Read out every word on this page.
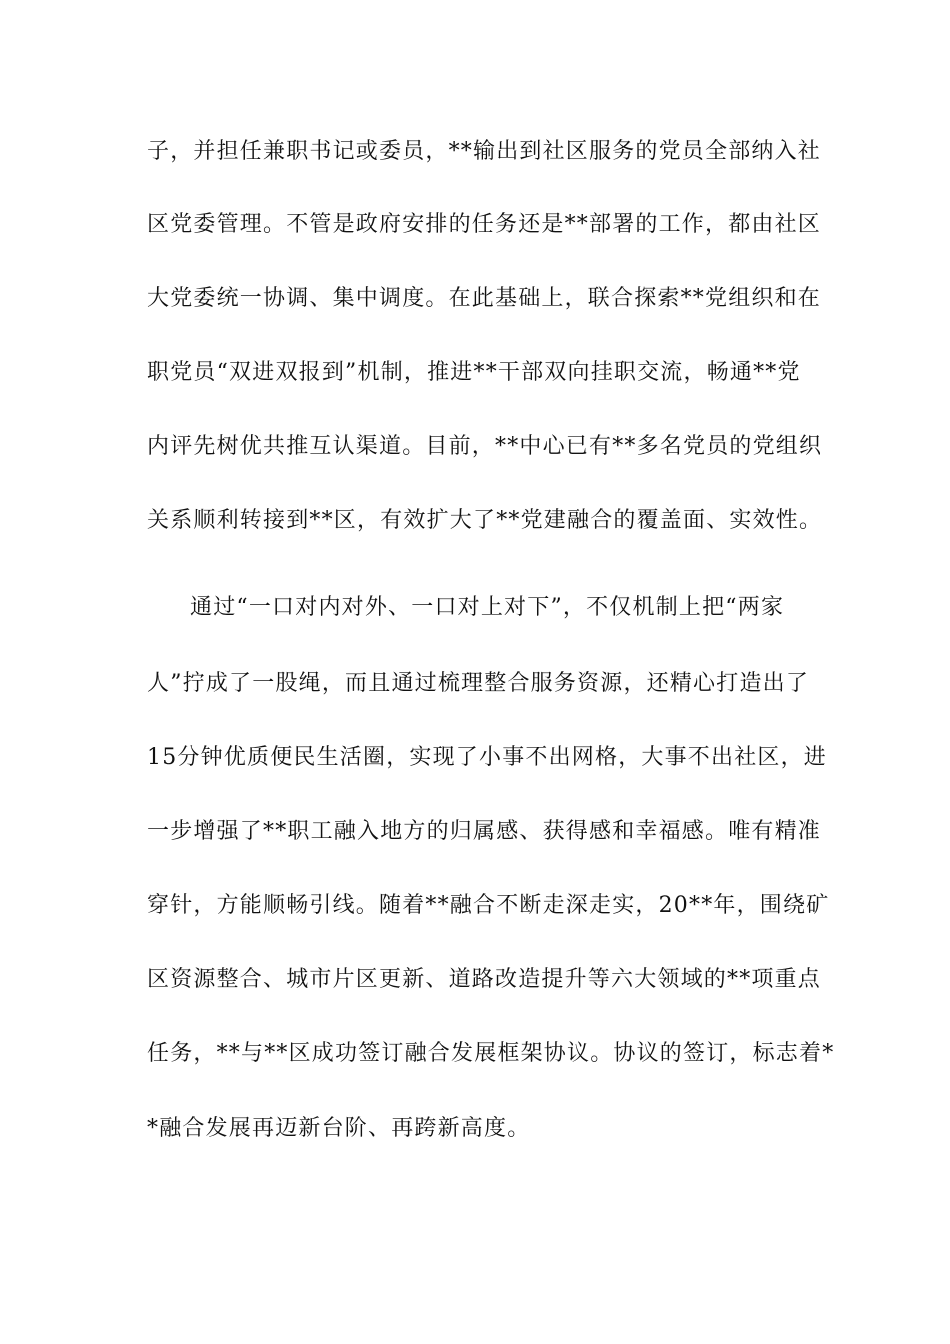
子，并担任兼职书记或委员，**输出到社区服务的党员全部纳入社
区党委管理。不管是政府安排的任务还是**部署的工作，都由社区
大党委统一协调、集中调度。在此基础上，联合探索**党组织和在
职党员“双进双报到”机制，推进**干部双向挂职交流，畅通**党
内评先树优共推互认渠道。目前，**中心已有**多名党员的党组织
关系顺利转接到**区，有效扩大了**党建融合的覆盖面、实效性。
通过“一口对内对外、一口对上对下”，不仅机制上把“两家
人”拧成了一股绳，而且通过梳理整合服务资源，还精心打造出了
15分钟优质便民生活圈，实现了小事不出网格，大事不出社区，进
一步增强了**职工融入地方的归属感、获得感和幸福感。唯有精准
穿针，方能顺畅引线。随着**融合不断走深走实，20**年，围绕矿
区资源整合、城市片区更新、道路改造提升等六大领域的**项重点
任务，**与**区成功签订融合发展框架协议。协议的签订，标志着*
*融合发展再迈新台阶、再跨新高度。
